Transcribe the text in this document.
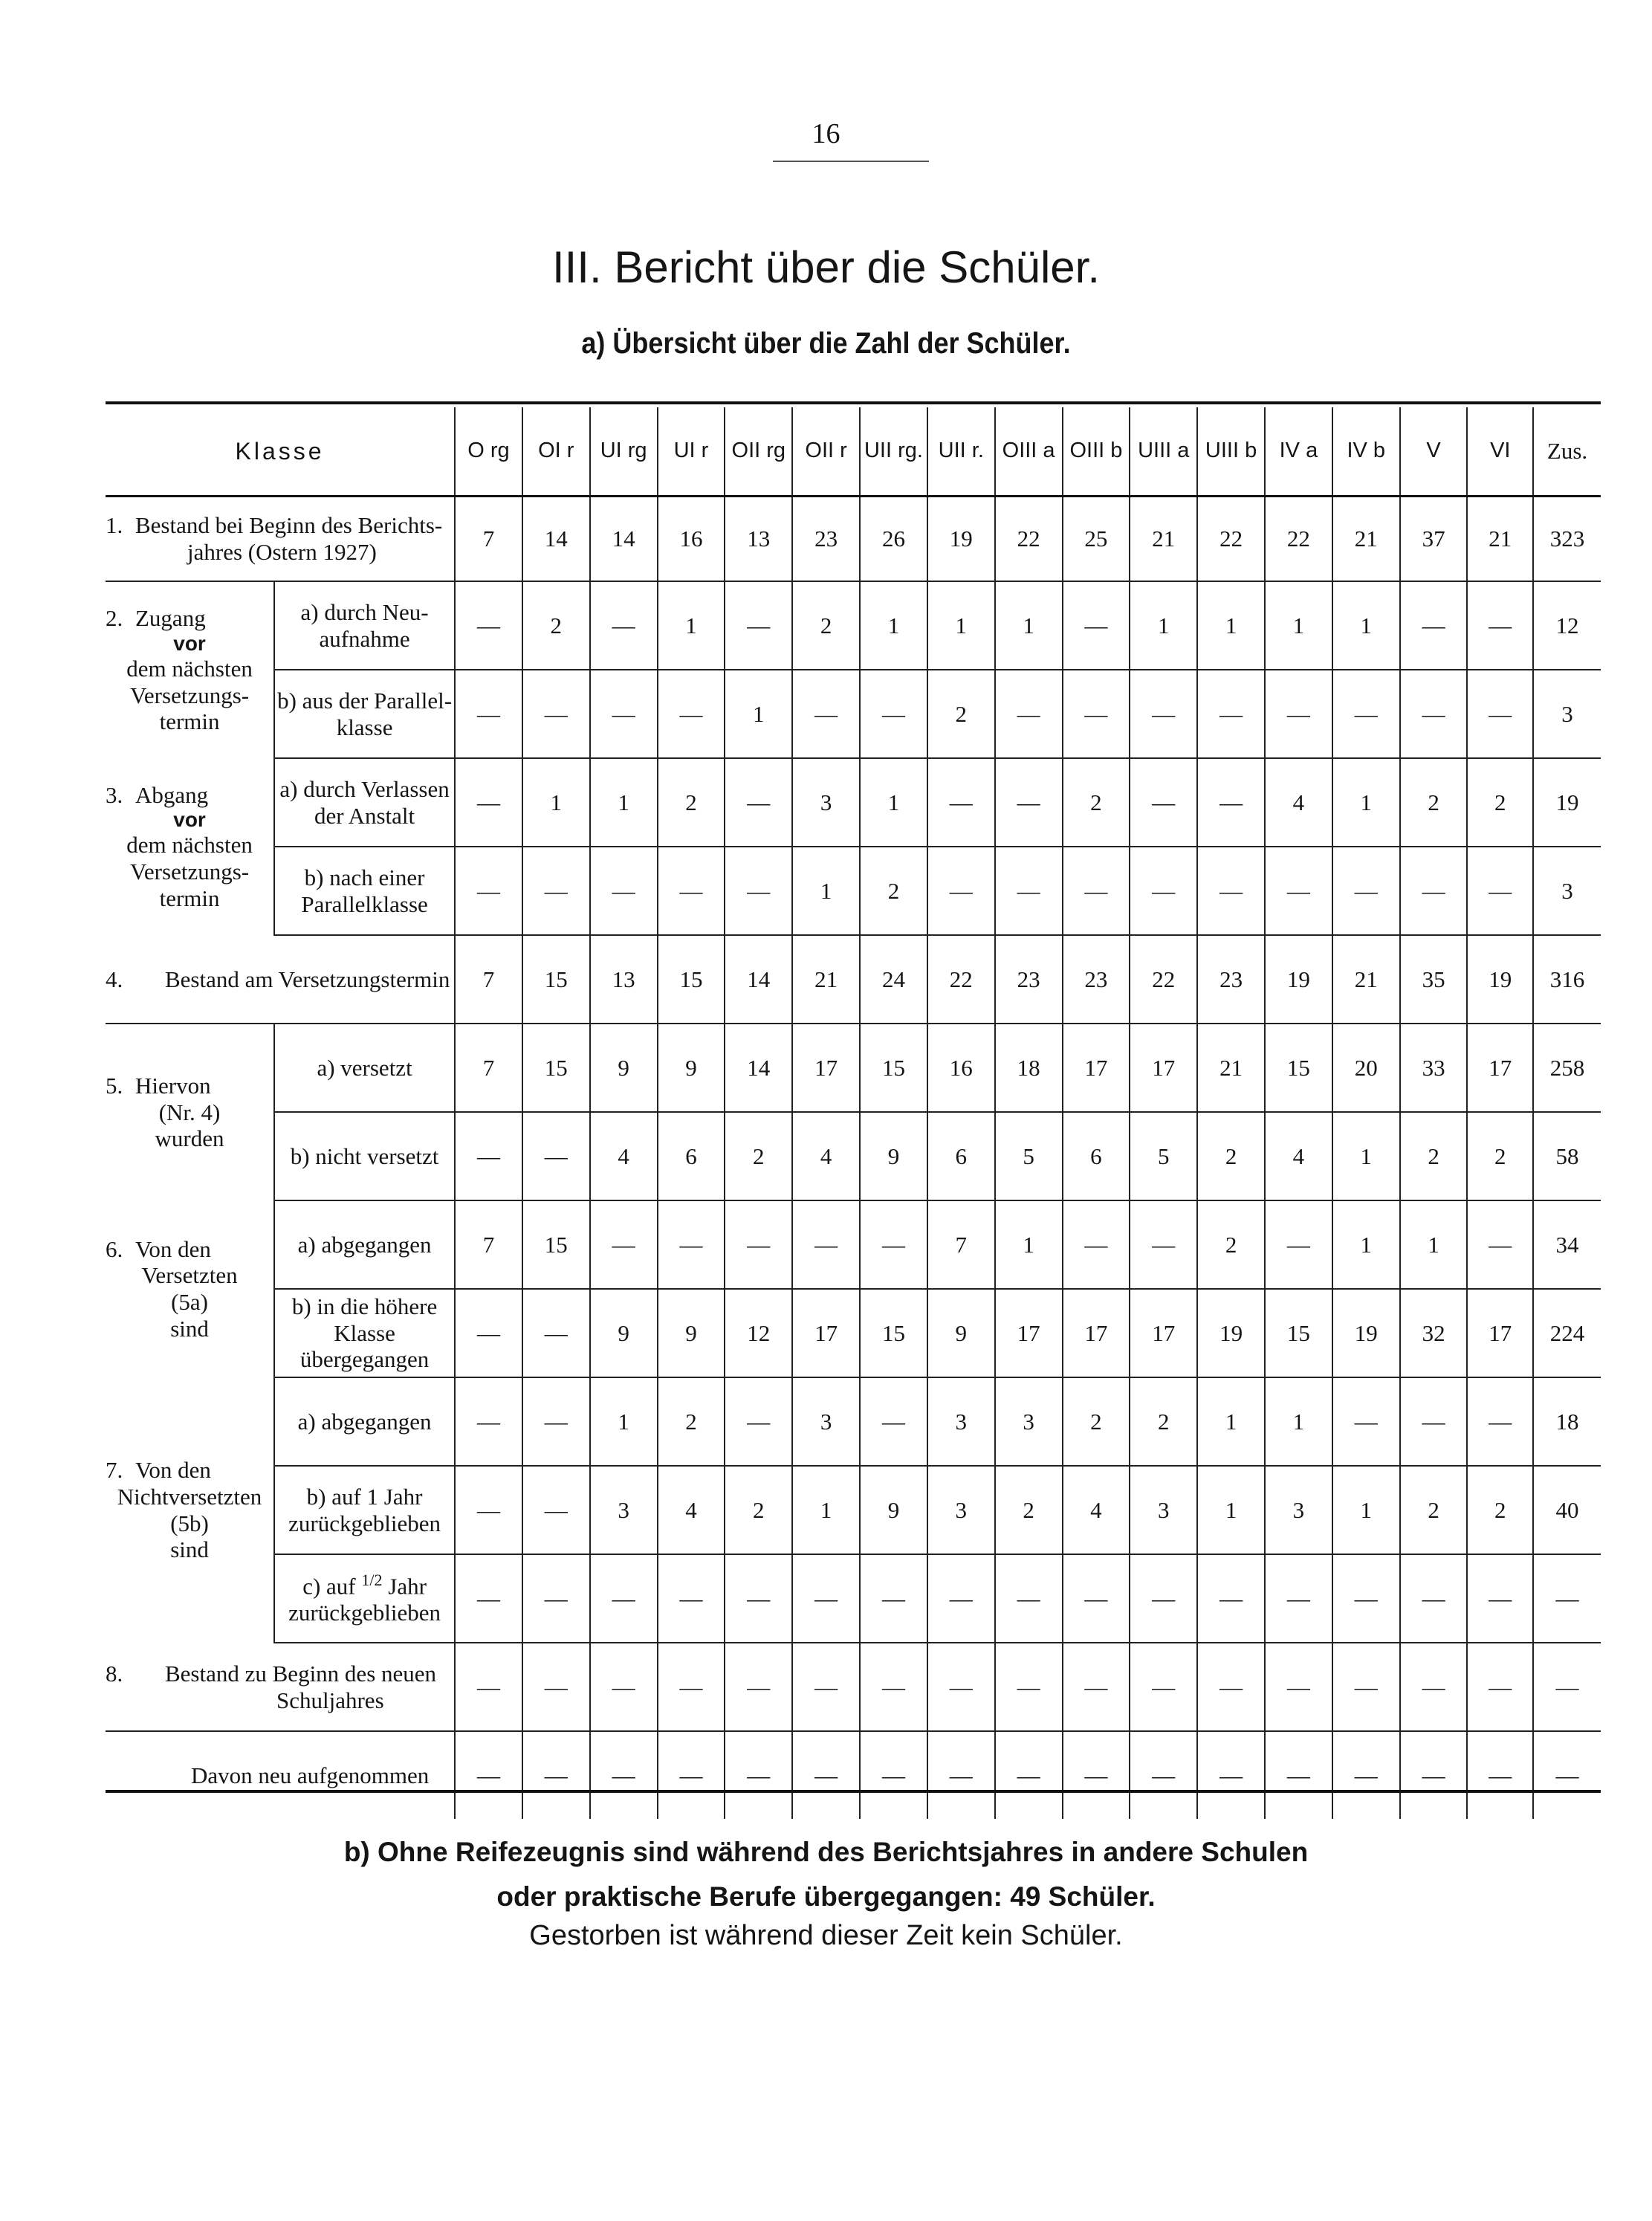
16
III. Bericht über die Schüler.
a) Übersicht über die Zahl der Schüler.
Klasse		O rg	OI r	UI rg	UI r	OII rg	OII r	UII rg.	UII r.	OIII a	OIII b	UIII a	UIII b	IV a	IV b	V	VI	Zus.

1. Bestand bei Beginn des Berichts-
jahres (Ostern 1927)		7	14	14	16	13	23	26	19	22	25	21	22	22	21	37	21	323

2. Zugang
vor
dem nächsten
Versetzungs-
termin	a) durch Neu-
aufnahme	—	2	—	1	—	2	1	1	1	—	1	1	1	1	—	—	12

	b) aus der Parallel-
klasse	—	—	—	—	1	—	—	2	—	—	—	—	—	—	—	—	3

3. Abgang
vor
dem nächsten
Versetzungs-
termin	a) durch Verlassen
der Anstalt	—	1	1	2	—	3	1	—	—	2	—	—	4	1	2	2	19

	b) nach einer
Parallelklasse	—	—	—	—	—	1	2	—	—	—	—	—	—	—	—	—	3
4. Bestand am Versetzungstermin		7	15	13	15	14	21	24	22	23	23	22	23	19	21	35	19	316

5. Hiervon
(Nr. 4)
wurden	a) versetzt	7	15	9	9	14	17	15	16	18	17	17	21	15	20	33	17	258
	b) nicht versetzt	—	—	4	6	2	4	9	6	5	6	5	2	4	1	2	2	58

6. Von den
Versetzten
(5a)
sind	a) abgegangen	7	15	—	—	—	—	—	7	1	—	—	2	—	1	1	—	34

	b) in die höhere
Klasse übergegangen	—	—	9	9	12	17	15	9	17	17	17	19	15	19	32	17	224

7. Von den
Nichtversetzten
(5b)
sind	a) abgegangen	—	—	1	2	—	3	—	3	3	2	2	1	1	—	—	—	18

	b) auf 1 Jahr
zurückgeblieben	—	—	3	4	2	1	9	3	2	4	3	1	3	1	2	2	40

	c) auf $^{1/2}$ Jahr
zurückgeblieben	—	—	—	—	—	—	—	—	—	—	—	—	—	—	—	—	—

8. Bestand zu Beginn des neuen
Schuljahres		—	—	—	—	—	—	—	—	—	—	—	—	—	—	—	—	—
Davon neu aufgenommen		—	—	—	—	—	—	—	—	—	—	—	—	—	—	—	—	—
b) Ohne Reifezeugnis sind während des Berichtsjahres in andere Schulen
oder praktische Berufe übergegangen: 49 Schüler.
Gestorben ist während dieser Zeit kein Schüler.
